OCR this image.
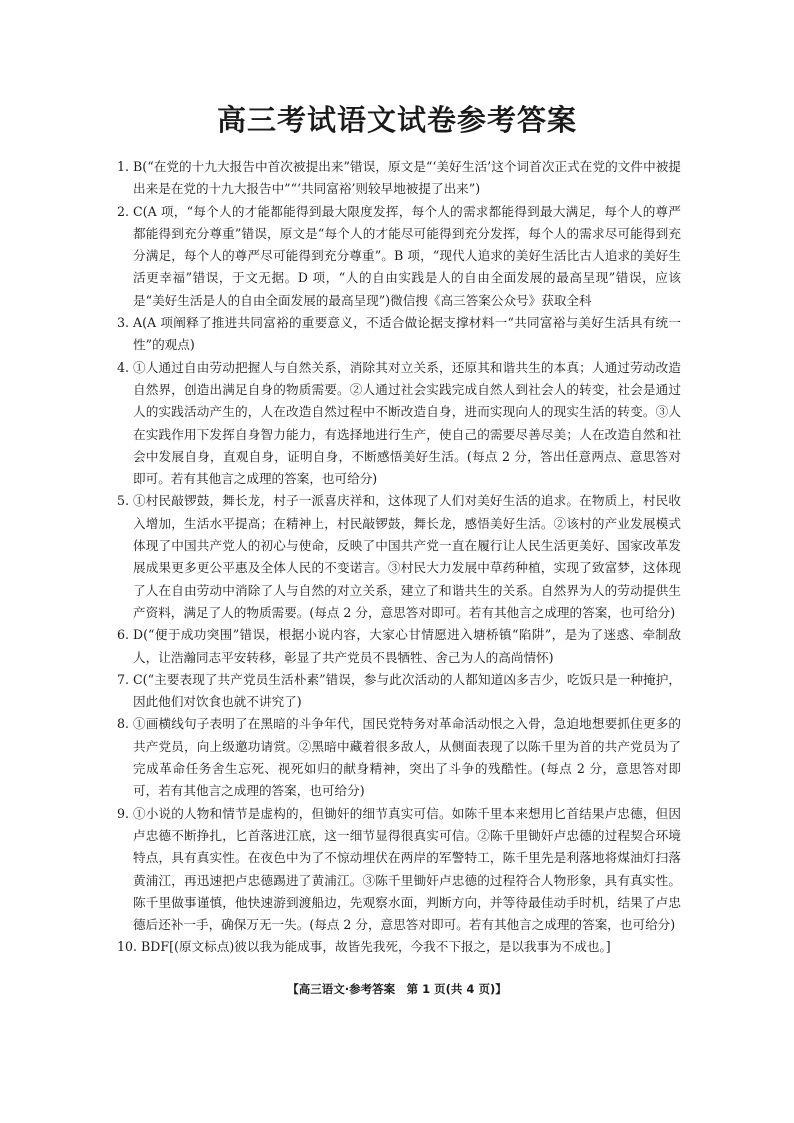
高三考试语文试卷参考答案
1. B(“在党的十九大报告中首次被提出来”错误，原文是“‘美好生活’这个词首次正式在党的文件中被提出来是在党的十九大报告中”“‘共同富裕’则较早地被提了出来”)
2. C(A 项，“每个人的才能都能得到最大限度发挥，每个人的需求都能得到最大满足，每个人的尊严都能得到充分尊重”错误，原文是“每个人的才能尽可能得到充分发挥，每个人的需求尽可能得到充分满足，每个人的尊严尽可能得到充分尊重”。B 项，“现代人追求的美好生活比古人追求的美好生活更幸福”错误，于文无据。D 项，“人的自由实践是人的自由全面发展的最高呈现”错误，应该是“美好生活是人的自由全面发展的最高呈现”)微信搜《高三答案公众号》获取全科
3. A(A 项阐释了推进共同富裕的重要意义，不适合做论据支撑材料一“共同富裕与美好生活具有统一性”的观点)
4. ①人通过自由劳动把握人与自然关系，消除其对立关系，还原其和谐共生的本真；人通过劳动改造自然界，创造出满足自身的物质需要。②人通过社会实践完成自然人到社会人的转变，社会是通过人的实践活动产生的，人在改造自然过程中不断改造自身，进而实现向人的现实生活的转变。③人在实践作用下发挥自身智力能力，有选择地进行生产，使自己的需要尽善尽美；人在改造自然和社会中发展自身，直观自身，证明自身，不断感悟美好生活。(每点 2 分，答出任意两点、意思答对即可。若有其他言之成理的答案，也可给分)
5. ①村民敲锣鼓，舞长龙，村子一派喜庆祥和，这体现了人们对美好生活的追求。在物质上，村民收入增加，生活水平提高；在精神上，村民敲锣鼓，舞长龙，感悟美好生活。②该村的产业发展模式体现了中国共产党人的初心与使命，反映了中国共产党一直在履行让人民生活更美好、国家改革发展成果更多更公平惠及全体人民的不变诺言。③村民大力发展中草药种植，实现了致富梦，这体现了人在自由劳动中消除了人与自然的对立关系，建立了和谐共生的关系。自然界为人的劳动提供生产资料，满足了人的物质需要。(每点 2 分，意思答对即可。若有其他言之成理的答案，也可给分)
6. D(“便于成功突围”错误，根据小说内容，大家心甘情愿进入塘桥镇“陷阱”，是为了迷惑、牵制敌人，让浩瀚同志平安转移，彰显了共产党员不畏牺牲、舍己为人的高尚情怀)
7. C(“主要表现了共产党员生活朴素”错误，参与此次活动的人都知道凶多吉少，吃饭只是一种掩护，因此他们对饮食也就不讲究了)
8. ①画横线句子表明了在黑暗的斗争年代，国民党特务对革命活动恨之入骨，急迫地想要抓住更多的共产党员，向上级邀功请赏。②黑暗中藏着很多敌人，从侧面表现了以陈千里为首的共产党员为了完成革命任务舍生忘死、视死如归的献身精神，突出了斗争的残酷性。(每点 2 分，意思答对即可，若有其他言之成理的答案，也可给分)
9. ①小说的人物和情节是虚构的，但锄奸的细节真实可信。如陈千里本来想用匕首结果卢忠德，但因卢忠德不断挣扎，匕首落进江底，这一细节显得很真实可信。②陈千里锄奸卢忠德的过程契合环境特点，具有真实性。在夜色中为了不惊动埋伏在两岸的军警特工，陈千里先是利落地将煤油灯扫落黄浦江，再迅速把卢忠德踢进了黄浦江。③陈千里锄奸卢忠德的过程符合人物形象，具有真实性。陈千里做事谨慎，他快速游到渡船边，先观察水面，判断方向，并等待最佳动手时机，结果了卢忠德后还补一手，确保万无一失。(每点 2 分，意思答对即可。若有其他言之成理的答案，也可给分)
10. BDF[(原文标点)彼以我为能成事，故皆先我死，今我不下报之，是以我事为不成也。]
【高三语文·参考答案　第 1 页(共 4 页)】
